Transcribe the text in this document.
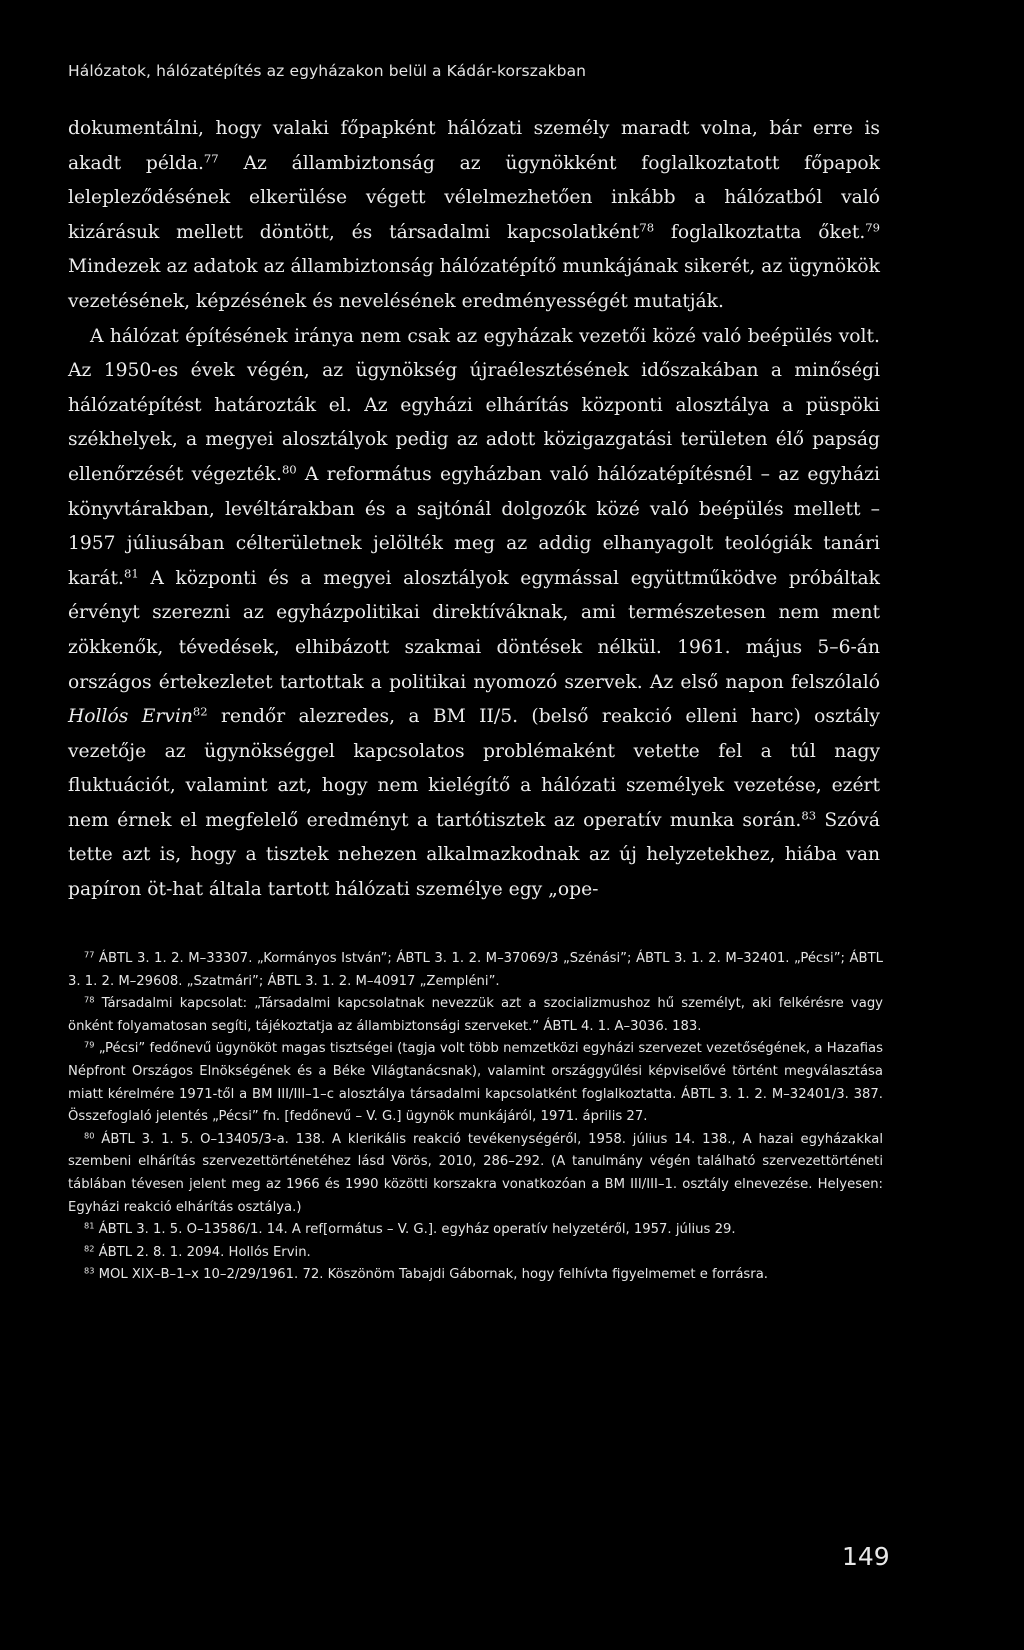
Hálózatok, hálózatépítés az egyházakon belül a Kádár-korszakban

dokumentálni, hogy valaki főpapként hálózati személy maradt volna, bár erre is akadt példa.$^{77}$ Az állambiztonság az ügynökként foglalkoztatott főpapok lelepleződésének elkerülése végett vélelmezhetően inkább a hálózatból való kizárásuk mellett döntött, és társadalmi kapcsolatként$^{78}$ foglalkoztatta őket.$^{79}$ Mindezek az adatok az állambiztonság hálózatépítő munkájának sikerét, az ügynökök vezetésének, képzésének és nevelésének eredményességét mutatják.

A hálózat építésének iránya nem csak az egyházak vezetői közé való beépülés volt. Az 1950-es évek végén, az ügynökség újraélesztésének időszakában a minőségi hálózatépítést határozták el. Az egyházi elhárítás központi alosztálya a püspöki székhelyek, a megyei alosztályok pedig az adott közigazgatási területen élő papság ellenőrzését végezték.$^{80}$ A református egyházban való hálózatépítésnél – az egyházi könyvtárakban, levéltárakban és a sajtónál dolgozók közé való beépülés mellett – 1957 júliusában célterületnek jelölték meg az addig elhanyagolt teológiák tanári karát.$^{81}$ A központi és a megyei alosztályok egymással együttműködve próbáltak érvényt szerezni az egyházpolitikai direktíváknak, ami természetesen nem ment zökkenők, tévedések, elhibázott szakmai döntések nélkül. 1961. május 5–6-án országos értekezletet tartottak a politikai nyomozó szervek. Az első napon felszólaló Hollós Ervin$^{82}$ rendőr alezredes, a BM II/5. (belső reakció elleni harc) osztály vezetője az ügynökséggel kapcsolatos problémaként vetette fel a túl nagy fluktuációt, valamint azt, hogy nem kielégítő a hálózati személyek vezetése, ezért nem érnek el megfelelő eredményt a tartótisztek az operatív munka során.$^{83}$ Szóvá tette azt is, hogy a tisztek nehezen alkalmazkodnak az új helyzetekhez, hiába van papíron öt-hat általa tartott hálózati személye egy „ope-

$^{77}$ ÁBTL 3. 1. 2. M–33307. „Kormányos István”; ÁBTL 3. 1. 2. M–37069/3 „Szénási”; ÁBTL 3. 1. 2. M–32401. „Pécsi”; ÁBTL 3. 1. 2. M–29608. „Szatmári”; ÁBTL 3. 1. 2. M–40917 „Zempléni”.

$^{78}$ Társadalmi kapcsolat: „Társadalmi kapcsolatnak nevezzük azt a szocializmushoz hű személyt, aki felkérésre vagy önként folyamatosan segíti, tájékoztatja az állambiztonsági szerveket.” ÁBTL 4. 1. A–3036. 183.

$^{79}$ „Pécsi” fedőnevű ügynököt magas tisztségei (tagja volt több nemzetközi egyházi szervezet vezetőségének, a Hazafias Népfront Országos Elnökségének és a Béke Világtanácsnak), valamint országgyűlési képviselővé történt megválasztása miatt kérelmére 1971-től a BM III/III–1–c alosztálya társadalmi kapcsolatként foglalkoztatta. ÁBTL 3. 1. 2. M–32401/3. 387. Összefoglaló jelentés „Pécsi” fn. [fedőnevű – V. G.] ügynök munkájáról, 1971. április 27.

$^{80}$ ÁBTL 3. 1. 5. O–13405/3-a. 138. A klerikális reakció tevékenységéről, 1958. július 14. 138., A hazai egyházakkal szembeni elhárítás szervezettörténetéhez lásd Vörös, 2010, 286–292. (A tanulmány végén található szervezettörténeti táblában tévesen jelent meg az 1966 és 1990 közötti korszakra vonatkozóan a BM III/III–1. osztály elnevezése. Helyesen: Egyházi reakció elhárítás osztálya.)

$^{81}$ ÁBTL 3. 1. 5. O–13586/1. 14. A ref[ormátus – V. G.]. egyház operatív helyzetéről, 1957. július 29.

$^{82}$ ÁBTL 2. 8. 1. 2094. Hollós Ervin.

$^{83}$ MOL XIX–B–1–x 10–2/29/1961. 72. Köszönöm Tabajdi Gábornak, hogy felhívta figyelmemet e forrásra.

149
